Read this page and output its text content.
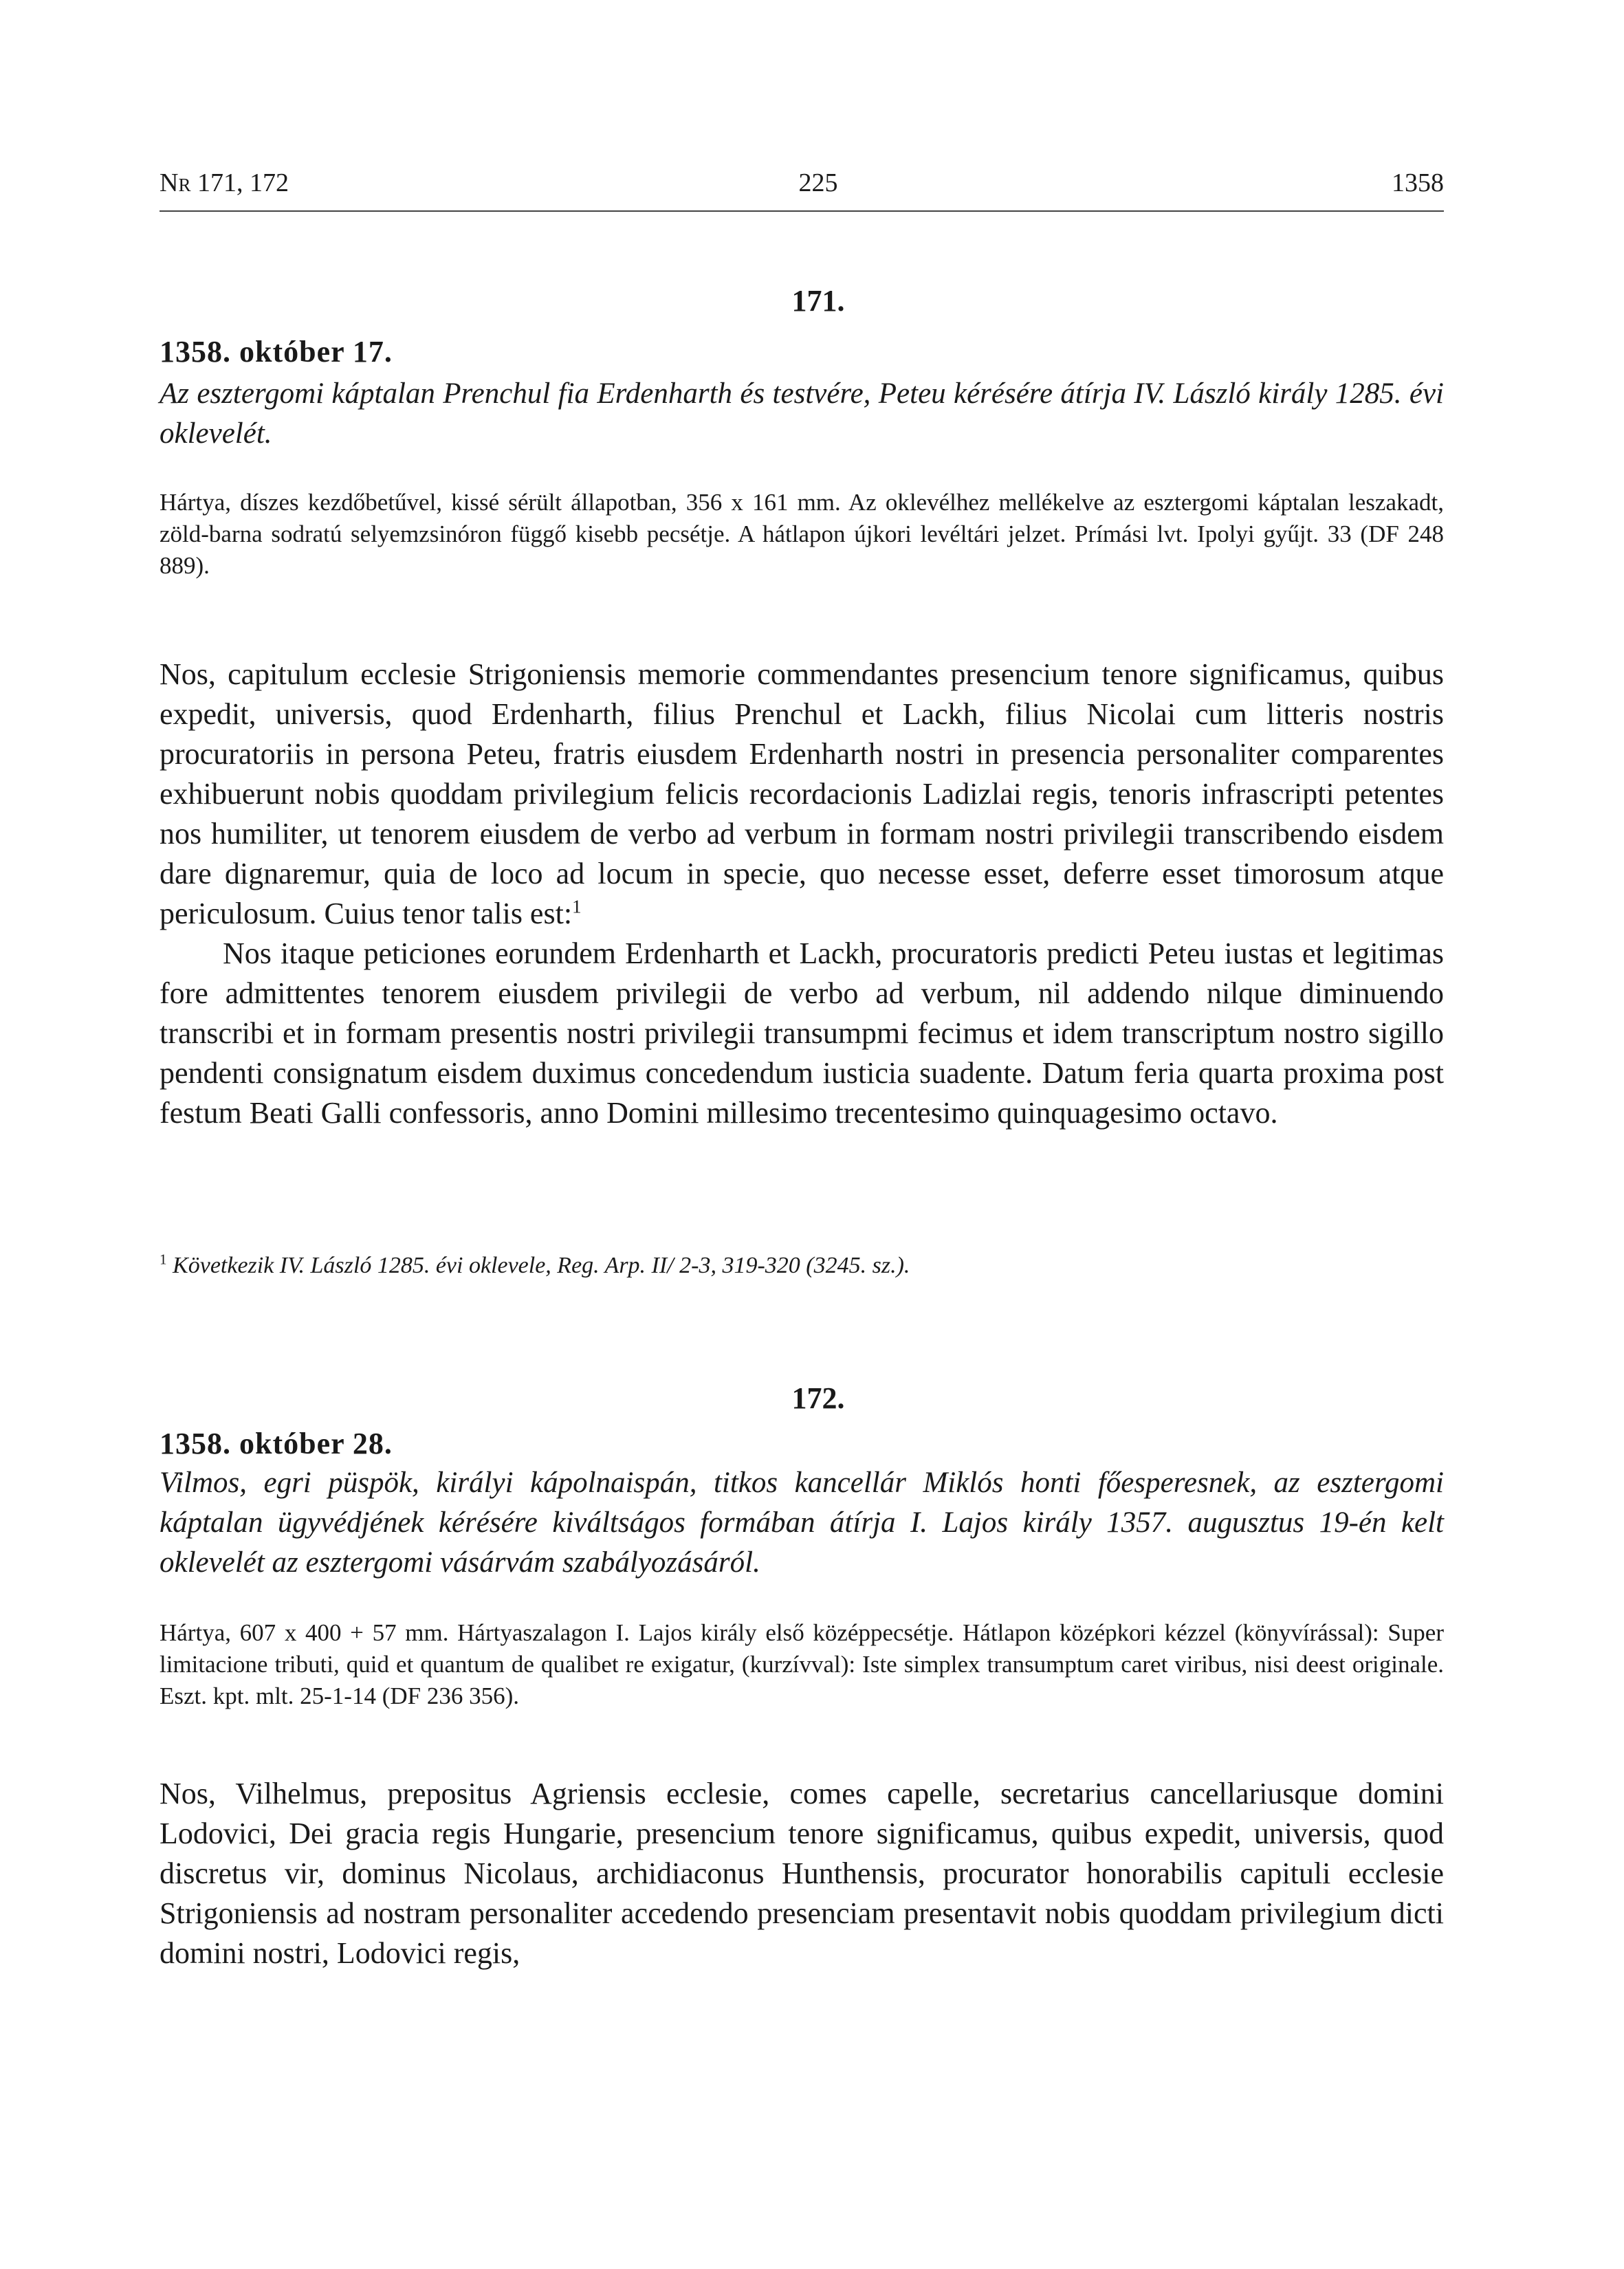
Nr 171, 172	225	1358
171.
1358. október 17.
Az esztergomi káptalan Prenchul fia Erdenharth és testvére, Peteu kérésére átírja IV. László király 1285. évi oklevelét.
Hártya, díszes kezdőbetűvel, kissé sérült állapotban, 356 x 161 mm. Az oklevélhez mellékelve az esztergomi káptalan leszakadt, zöld-barna sodratú selyemzsinóron függő kisebb pecsétje. A hátlapon újkori levéltári jelzet. Prímási lvt. Ipolyi gyűjt. 33 (DF 248 889).

Nos, capitulum ecclesie Strigoniensis memorie commendantes presencium tenore significamus, quibus expedit, universis, quod Erdenharth, filius Prenchul et Lackh, filius Nicolai cum litteris nostris procuratoriis in persona Peteu, fratris eiusdem Erdenharth nostri in presencia personaliter comparentes exhibuerunt nobis quoddam privilegium felicis recordacionis Ladizlai regis, tenoris infrascripti petentes nos humiliter, ut tenorem eiusdem de verbo ad verbum in formam nostri privilegii transcribendo eisdem dare dignaremur, quia de loco ad locum in specie, quo necesse esset, deferre esset timorosum atque periculosum. Cuius tenor talis est:$^1$

Nos itaque peticiones eorundem Erdenharth et Lackh, procuratoris predicti Peteu iustas et legitimas fore admittentes tenorem eiusdem privilegii de verbo ad verbum, nil addendo nilque diminuendo transcribi et in formam presentis nostri privilegii transumpmi fecimus et idem transcriptum nostro sigillo pendenti consignatum eisdem duximus concedendum iusticia suadente. Datum feria quarta proxima post festum Beati Galli confessoris, anno Domini millesimo trecentesimo quinquagesimo octavo.

$^1$ Következik IV. László 1285. évi oklevele, Reg. Arp. II/ 2-3, 319-320 (3245. sz.).
172.
1358. október 28.
Vilmos, egri püspök, királyi kápolnaispán, titkos kancellár Miklós honti főesperesnek, az esztergomi káptalan ügyvédjének kérésére kiváltságos formában átírja I. Lajos király 1357. augusztus 19-én kelt oklevelét az esztergomi vásárvám szabályozásáról.
Hártya, 607 x 400 + 57 mm. Hártyaszalagon I. Lajos király első középpecsétje. Hátlapon középkori kézzel (könyvírással): Super limitacione tributi, quid et quantum de qualibet re exigatur, (kurzívval): Iste simplex transumptum caret viribus, nisi deest originale. Eszt. kpt. mlt. 25-1-14 (DF 236 356).

Nos, Vilhelmus, prepositus Agriensis ecclesie, comes capelle, secretarius cancellariusque domini Lodovici, Dei gracia regis Hungarie, presencium tenore significamus, quibus expedit, universis, quod discretus vir, dominus Nicolaus, archidiaconus Hunthensis, procurator honorabilis capituli ecclesie Strigoniensis ad nostram personaliter accedendo presenciam presentavit nobis quoddam privilegium dicti domini nostri, Lodovici regis,
